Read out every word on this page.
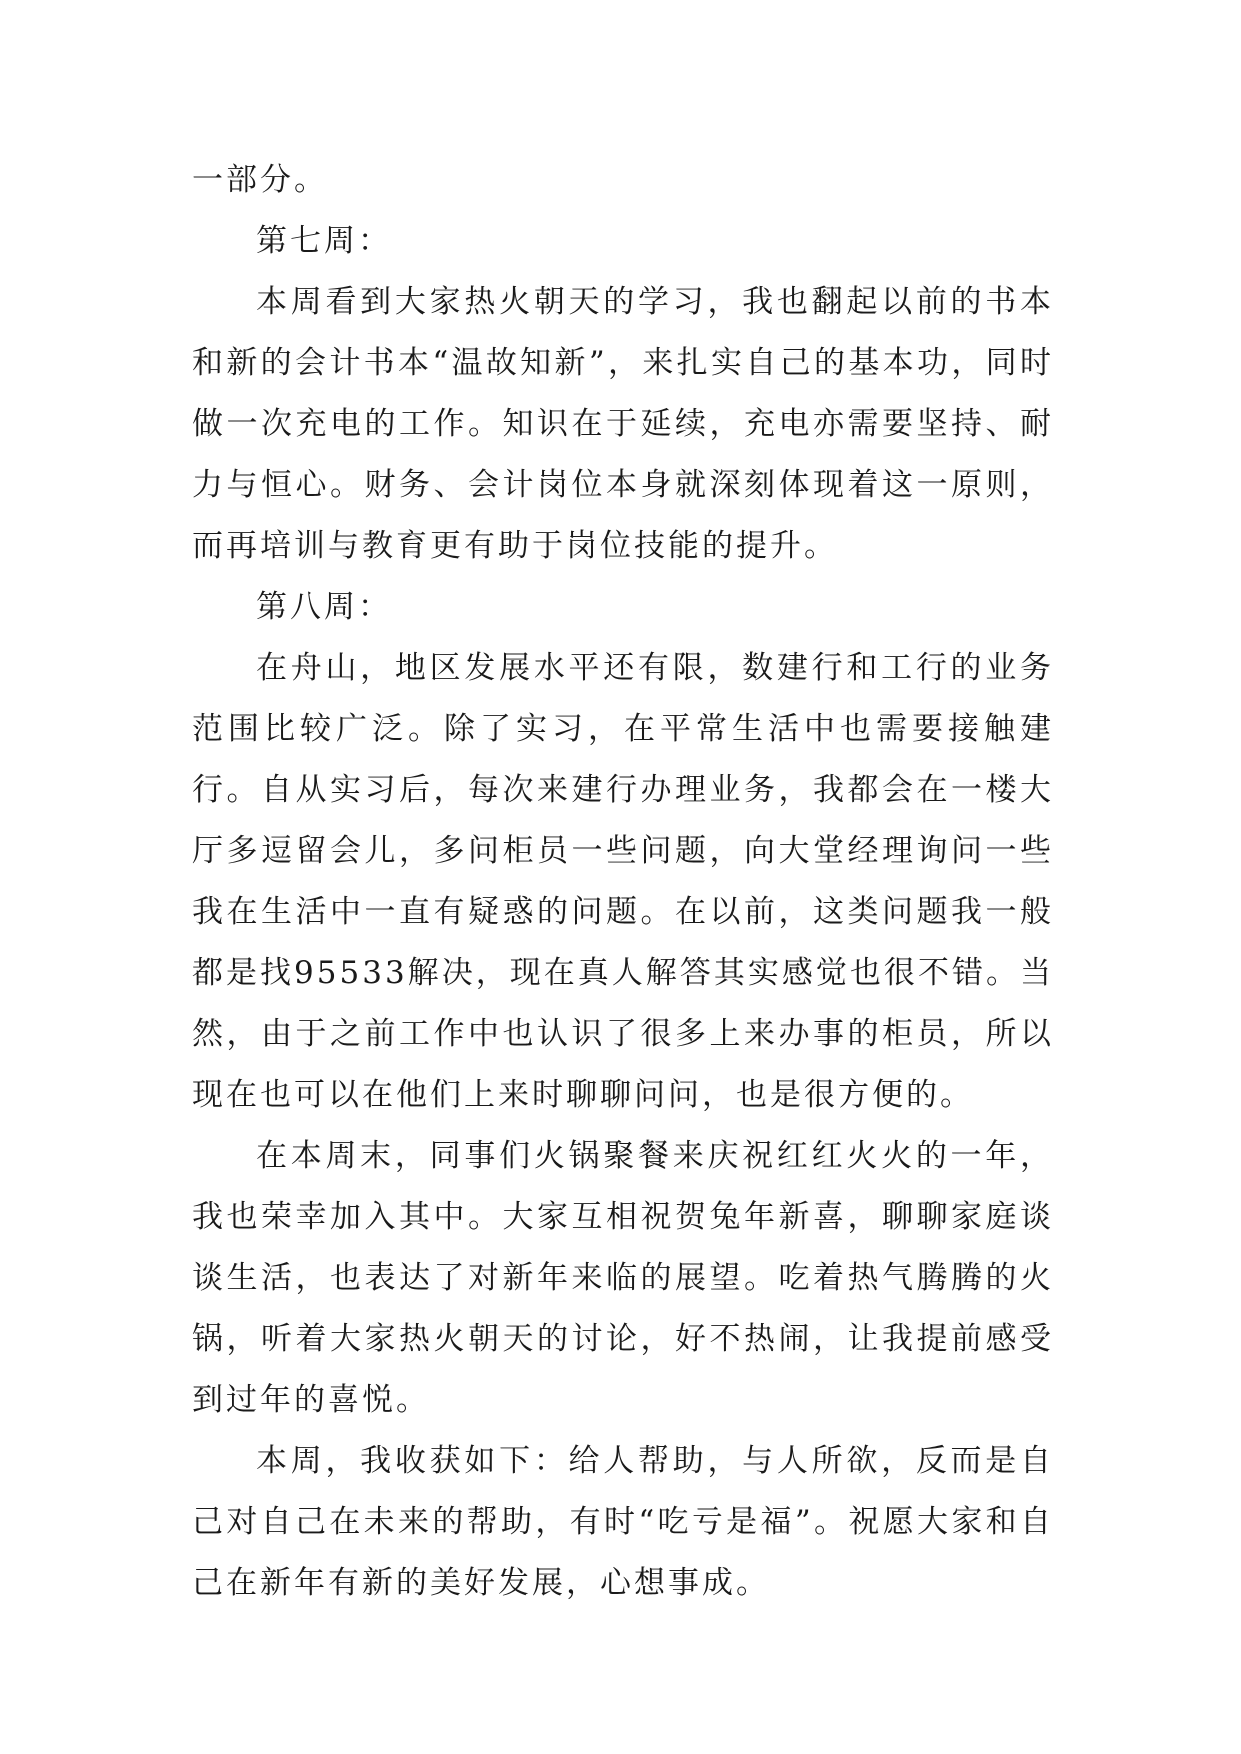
一部分。

第七周：

本周看到大家热火朝天的学习，我也翻起以前的书本和新的会计书本“温故知新”，来扎实自己的基本功，同时做一次充电的工作。知识在于延续，充电亦需要坚持、耐力与恒心。财务、会计岗位本身就深刻体现着这一原则，而再培训与教育更有助于岗位技能的提升。

第八周：

在舟山，地区发展水平还有限，数建行和工行的业务范围比较广泛。除了实习，在平常生活中也需要接触建行。自从实习后，每次来建行办理业务，我都会在一楼大厅多逗留会儿，多问柜员一些问题，向大堂经理询问一些我在生活中一直有疑惑的问题。在以前，这类问题我一般都是找95533解决，现在真人解答其实感觉也很不错。当然，由于之前工作中也认识了很多上来办事的柜员，所以现在也可以在他们上来时聊聊问问，也是很方便的。

在本周末，同事们火锅聚餐来庆祝红红火火的一年，我也荣幸加入其中。大家互相祝贺兔年新喜，聊聊家庭谈谈生活，也表达了对新年来临的展望。吃着热气腾腾的火锅，听着大家热火朝天的讨论，好不热闹，让我提前感受到过年的喜悦。

本周，我收获如下：给人帮助，与人所欲，反而是自己对自己在未来的帮助，有时“吃亏是福”。祝愿大家和自己在新年有新的美好发展，心想事成。
